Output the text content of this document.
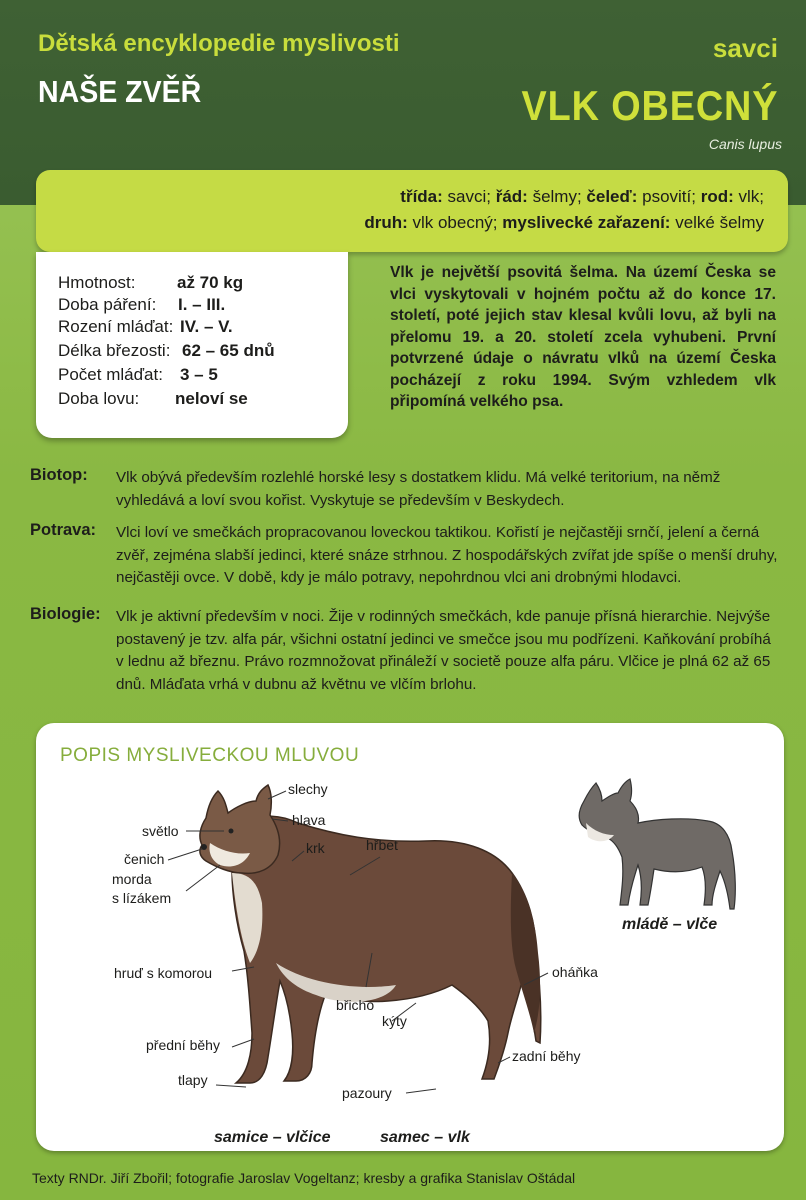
Dětská encyklopedie myslivosti	savci
NAŠE ZVĚŘ	VLK OBECNÝ
Canis lupus
třída: savci; řád: šelmy; čeleď: psovití; rod: vlk;
druh: vlk obecný; myslivecké zařazení: velké šelmy
Hmotnost: až 70 kg
Doba páření: I. – III.
Rození mláďat: IV. – V.
Délka březosti: 62 – 65 dnů
Počet mláďat: 3 – 5
Doba lovu: neloví se
Vlk je největší psovitá šelma. Na území Česka se vlci vyskytovali v hojném počtu až do konce 17. století, poté jejich stav klesal kvůli lovu, až byli na přelomu 19. a 20. století zcela vyhubeni. První potvrzené údaje o návratu vlků na území Česka pocházejí z roku 1994. Svým vzhledem vlk připomíná velkého psa.
Biotop: Vlk obývá především rozlehlé horské lesy s dostatkem klidu. Má velké teritorium, na němž vyhledává a loví svou kořist. Vyskytuje se především v Beskydech.
Potrava: Vlci loví ve smečkách propracovanou loveckou taktikou. Kořistí je nejčastěji srnčí, jelení a černá zvěř, zejména slabší jedinci, které snáze strhnou. Z hospodářských zvířat jde spíše o menší druhy, nejčastěji ovce. V době, kdy je málo potravy, nepohrdnou vlci ani drobnými hlodavci.
Biologie: Vlk je aktivní především v noci. Žije v rodinných smečkách, kde panuje přísná hierarchie. Nejvýše postavený je tzv. alfa pár, všichni ostatní jedinci ve smečce jsou mu podřízeni. Kaňkování probíhá v lednu až březnu. Právo rozmnožovat přináleží v societě pouze alfa páru. Vlčice je plná 62 až 65 dnů. Mláďata vrhá v dubnu až květnu ve vlčím brlohu.
POPIS MYSLIVECKOU MLUVOU
slechy
hlava
světlo
krk	hřbet
čenich
morda
s lízákem
hruď s komorou	oháňka
břicho
kýty
přední běhy
zadní běhy
tlapy
pazoury
mládě – vlče
samice – vlčice	samec – vlk
Texty RNDr. Jiří Zbořil; fotografie Jaroslav Vogeltanz; kresby a grafika Stanislav Oštádal
